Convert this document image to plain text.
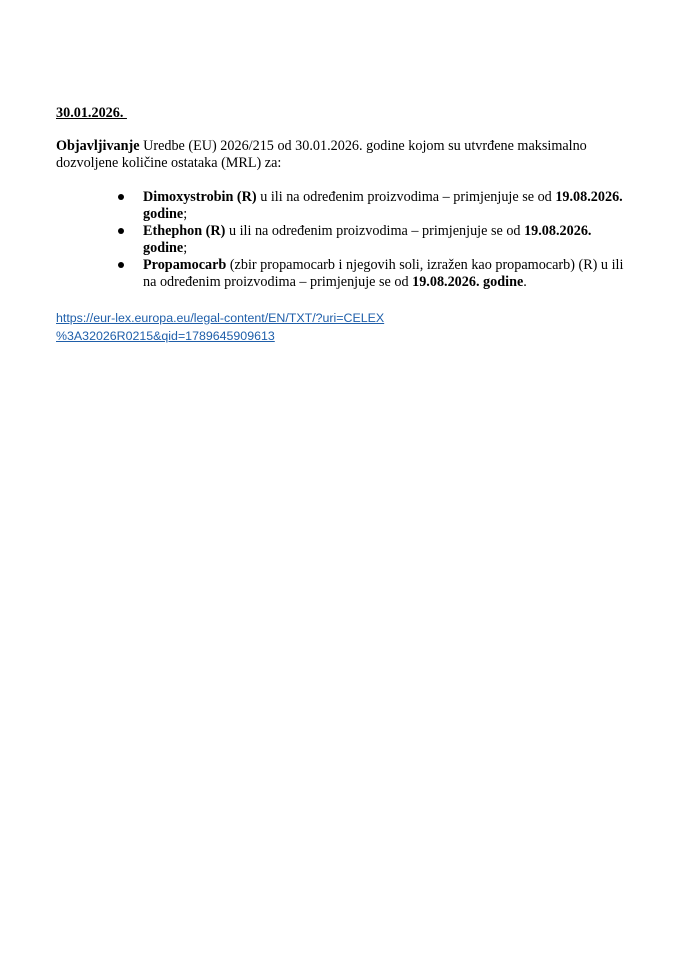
30.01.2026.
Objavljivanje Uredbe (EU) 2026/215 od 30.01.2026. godine kojom su utvrđene maksimalno dozvoljene količine ostataka (MRL) za:
Dimoxystrobin (R) u ili na određenim proizvodima – primjenjuje se od 19.08.2026. godine;
Ethephon (R) u ili na određenim proizvodima – primjenjuje se od 19.08.2026. godine;
Propamocarb (zbir propamocarb i njegovih soli, izražen kao propamocarb) (R) u ili na određenim proizvodima – primjenjuje se od 19.08.2026. godine.
https://eur-lex.europa.eu/legal-content/EN/TXT/?uri=CELEX
%3A32026R0215&qid=1789645909613
